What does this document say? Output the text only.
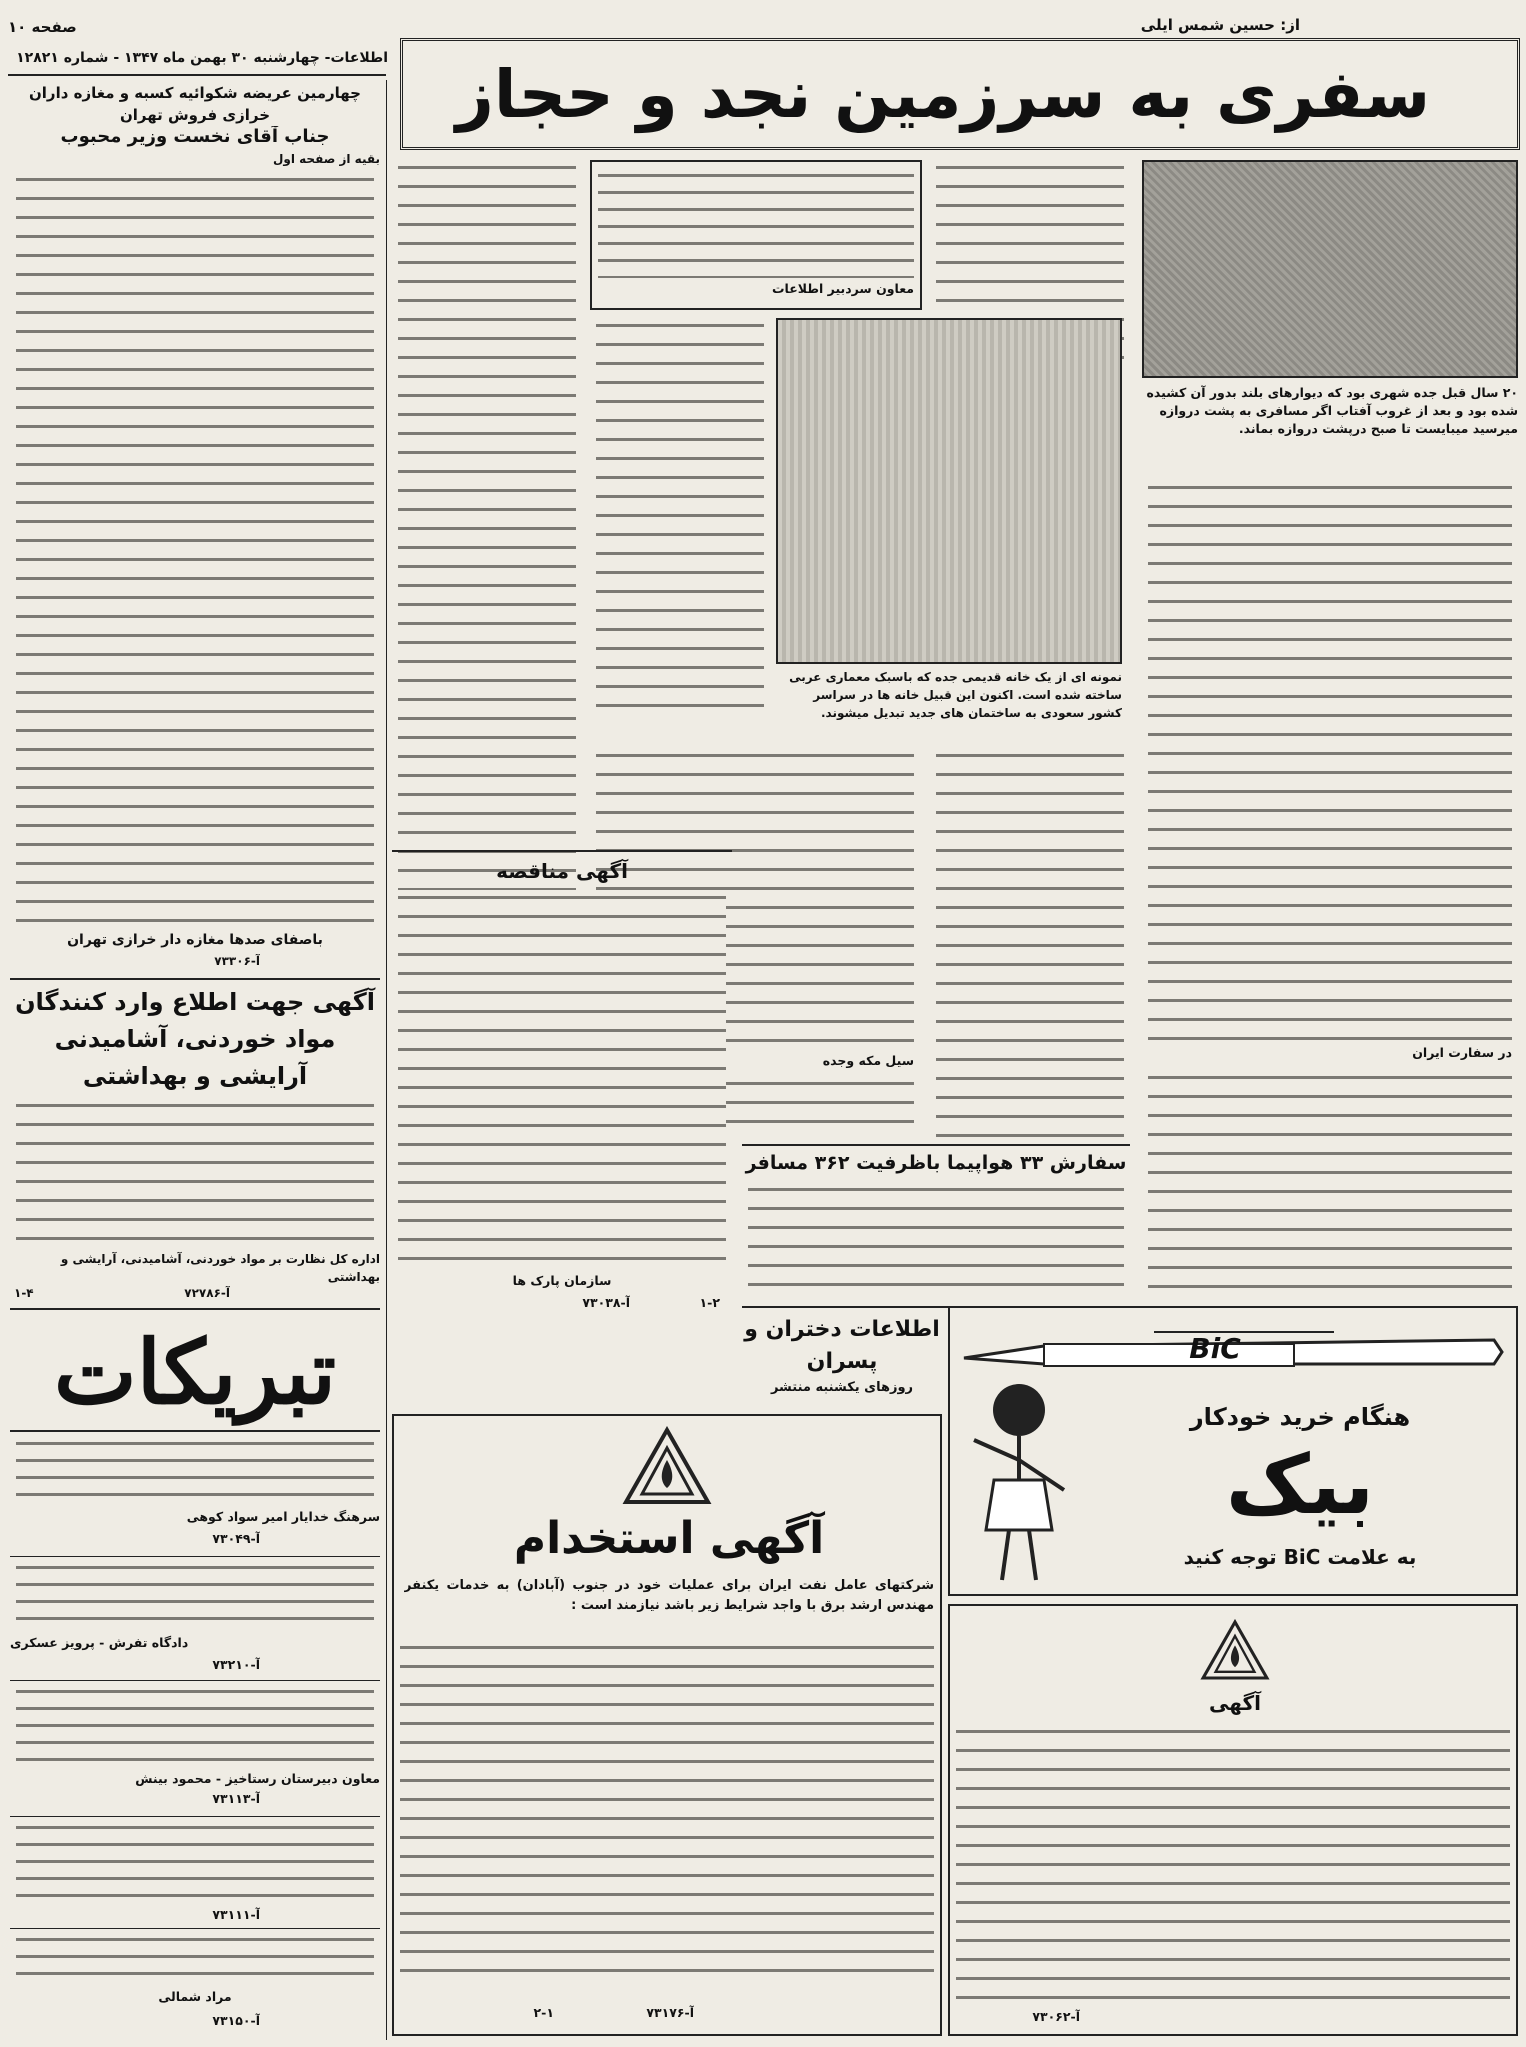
صفحه ۱۰
اطلاعات- چهارشنبه ۳۰ بهمن ماه ۱۳۴۷ - شماره ۱۲۸۲۱
از: حسین شمس ایلی
سفری به سرزمین نجد و حجاز
چهارمین عریضه شکوائیه کسبه و مغازه داران خرازی فروش تهران
جناب آقای نخست وزیر محبوب
بقیه از صفحه اول
باصفای صدها مغازه دار خرازی تهران
آ-۷۳۳۰۶
آگهی جهت اطلاع وارد کنندگان مواد خوردنی، آشامیدنی آرایشی و بهداشتی
اداره کل نظارت بر مواد خوردنی، آشامیدنی، آرایشی و بهداشتی
آ-۷۲۷۸۶
۱-۴
تبریکات
سرهنگ خدایار امیر سواد کوهی
آ-۷۳۰۴۹
دادگاه تفرش - پرویز عسکری
آ-۷۳۲۱۰
معاون دبیرستان رستاخیز - محمود بینش
آ-۷۳۱۱۳
آ-۷۳۱۱۱
مراد شمالی
آ-۷۳۱۵۰
۲۰ سال قبل جده شهری بود که دیوارهای بلند بدور آن کشیده شده بود و بعد از غروب آفتاب اگر مسافری به پشت دروازه میرسید میبایست تا صبح درپشت دروازه بماند.
معاون سردبیر اطلاعات
نمونه ای از یک خانه قدیمی جده که باسبک معماری عربی ساخته شده است. اکنون این قبیل خانه ها در سراسر کشور سعودی به ساختمان های جدید تبدیل میشوند.
در سفارت ایران
سیل مکه وجده
آگهی مناقصه
سازمان پارک ها
آ-۷۳۰۳۸	۱-۲
سفارش ۳۳ هواپیما باظرفیت ۳۶۲ مسافر
اطلاعات دختران و پسران
روزهای یکشنبه منتشر
BiC
هنگام خرید خودکار
بیک
به علامت BiC توجه کنید
آگهی استخدام
شرکتهای عامل نفت ایران برای عملیات خود در جنوب (آبادان) به خدمات یکنفر مهندس ارشد برق با واجد شرایط زیر باشد نیازمند است :
آ-۷۳۱۷۶
۲-۱
آگهی
آ-۷۳۰۶۲
